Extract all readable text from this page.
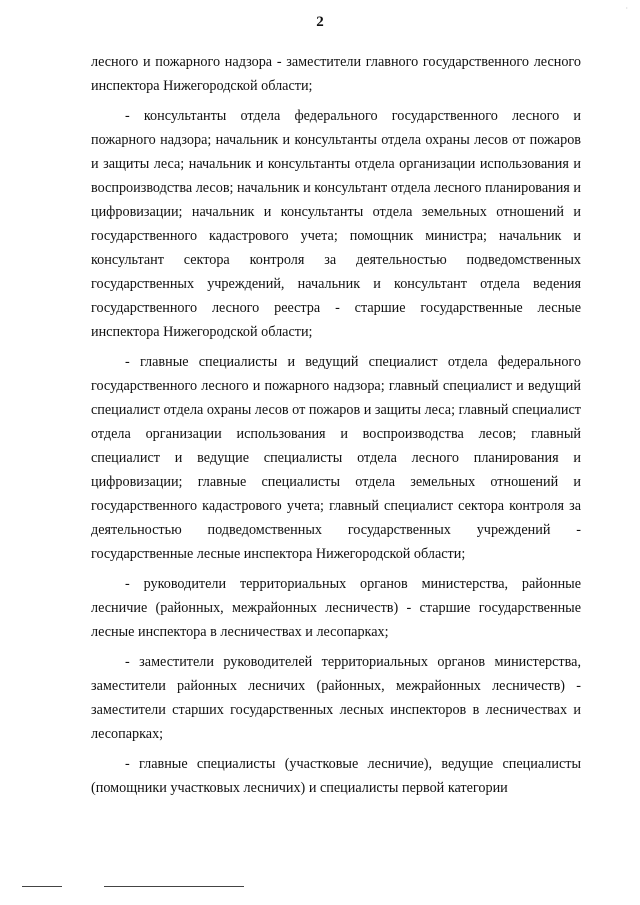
·
2

лесного и пожарного надзора - заместители главного государственного лесного инспектора Нижегородской области;

- консультанты отдела федерального государственного лесного и пожарного надзора; начальник и консультанты отдела охраны лесов от пожаров и защиты леса; начальник и консультанты отдела организации использования и воспроизводства лесов; начальник и консультант отдела лесного планирования и цифровизации; начальник и консультанты отдела земельных отношений и государственного кадастрового учета; помощник министра; начальник и консультант сектора контроля за деятельностью подведомственных государственных учреждений, начальник и консультант отдела ведения государственного лесного реестра - старшие государственные лесные инспектора Нижегородской области;

- главные специалисты и ведущий специалист отдела федерального государственного лесного и пожарного надзора; главный специалист и ведущий специалист отдела охраны лесов от пожаров и защиты леса; главный специалист отдела организации использования и воспроизводства лесов; главный специалист и ведущие специалисты отдела лесного планирования и цифровизации; главные специалисты отдела земельных отношений и государственного кадастрового учета; главный специалист сектора контроля за деятельностью подведомственных государственных учреждений - государственные лесные инспектора Нижегородской области;

- руководители территориальных органов министерства, районные лесничие (районных, межрайонных лесничеств) - старшие государственные лесные инспектора в лесничествах и лесопарках;

- заместители руководителей территориальных органов министерства, заместители районных лесничих (районных, межрайонных лесничеств) - заместители старших государственных лесных инспекторов в лесничествах и лесопарках;

- главные специалисты (участковые лесничие), ведущие специалисты (помощники участковых лесничих) и специалисты первой категории
